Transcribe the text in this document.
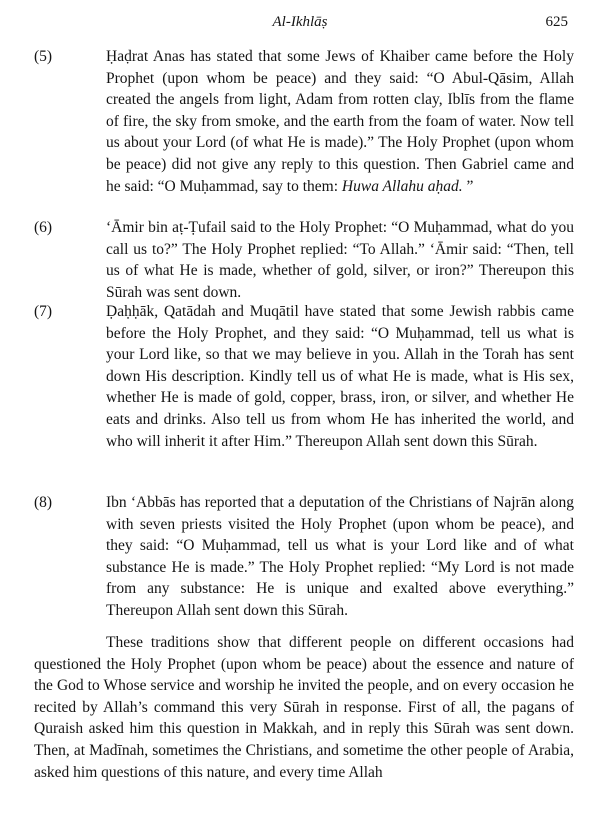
Al-Ikhlāṣ	625
(5)	Ḥaḍrat Anas has stated that some Jews of Khaiber came before the Holy Prophet (upon whom be peace) and they said: “O Abul-Qāsim, Allah created the angels from light, Adam from rotten clay, Iblīs from the flame of fire, the sky from smoke, and the earth from the foam of water. Now tell us about your Lord (of what He is made).” The Holy Prophet (upon whom be peace) did not give any reply to this question. Then Gabriel came and he said: “O Muḥammad, say to them: Huwa Allahu aḥad. ”

(6)	‘Āmir bin aṭ-Ṭufail said to the Holy Prophet: “O Muḥammad, what do you call us to?” The Holy Prophet replied: “To Allah.” ‘Āmir said: “Then, tell us of what He is made, whether of gold, silver, or iron?” Thereupon this Sūrah was sent down.

(7)	Ḍaḥḥāk, Qatādah and Muqātil have stated that some Jewish rabbis came before the Holy Prophet, and they said: “O Muḥammad, tell us what is your Lord like, so that we may believe in you. Allah in the Torah has sent down His description. Kindly tell us of what He is made, what is His sex, whether He is made of gold, copper, brass, iron, or silver, and whether He eats and drinks. Also tell us from whom He has inherited the world, and who will inherit it after Him.” Thereupon Allah sent down this Sūrah.

(8)	Ibn ‘Abbās has reported that a deputation of the Christians of Najrān along with seven priests visited the Holy Prophet (upon whom be peace), and they said: “O Muḥammad, tell us what is your Lord like and of what substance He is made.” The Holy Prophet replied: “My Lord is not made from any substance: He is unique and exalted above everything.” Thereupon Allah sent down this Sūrah.

These traditions show that different people on different occasions had questioned the Holy Prophet (upon whom be peace) about the essence and nature of the God to Whose service and worship he invited the people, and on every occasion he recited by Allah’s command this very Sūrah in response. First of all, the pagans of Quraish asked him this question in Makkah, and in reply this Sūrah was sent down. Then, at Madīnah, sometimes the Christians, and sometime the other people of Arabia, asked him questions of this nature, and every time Allah
